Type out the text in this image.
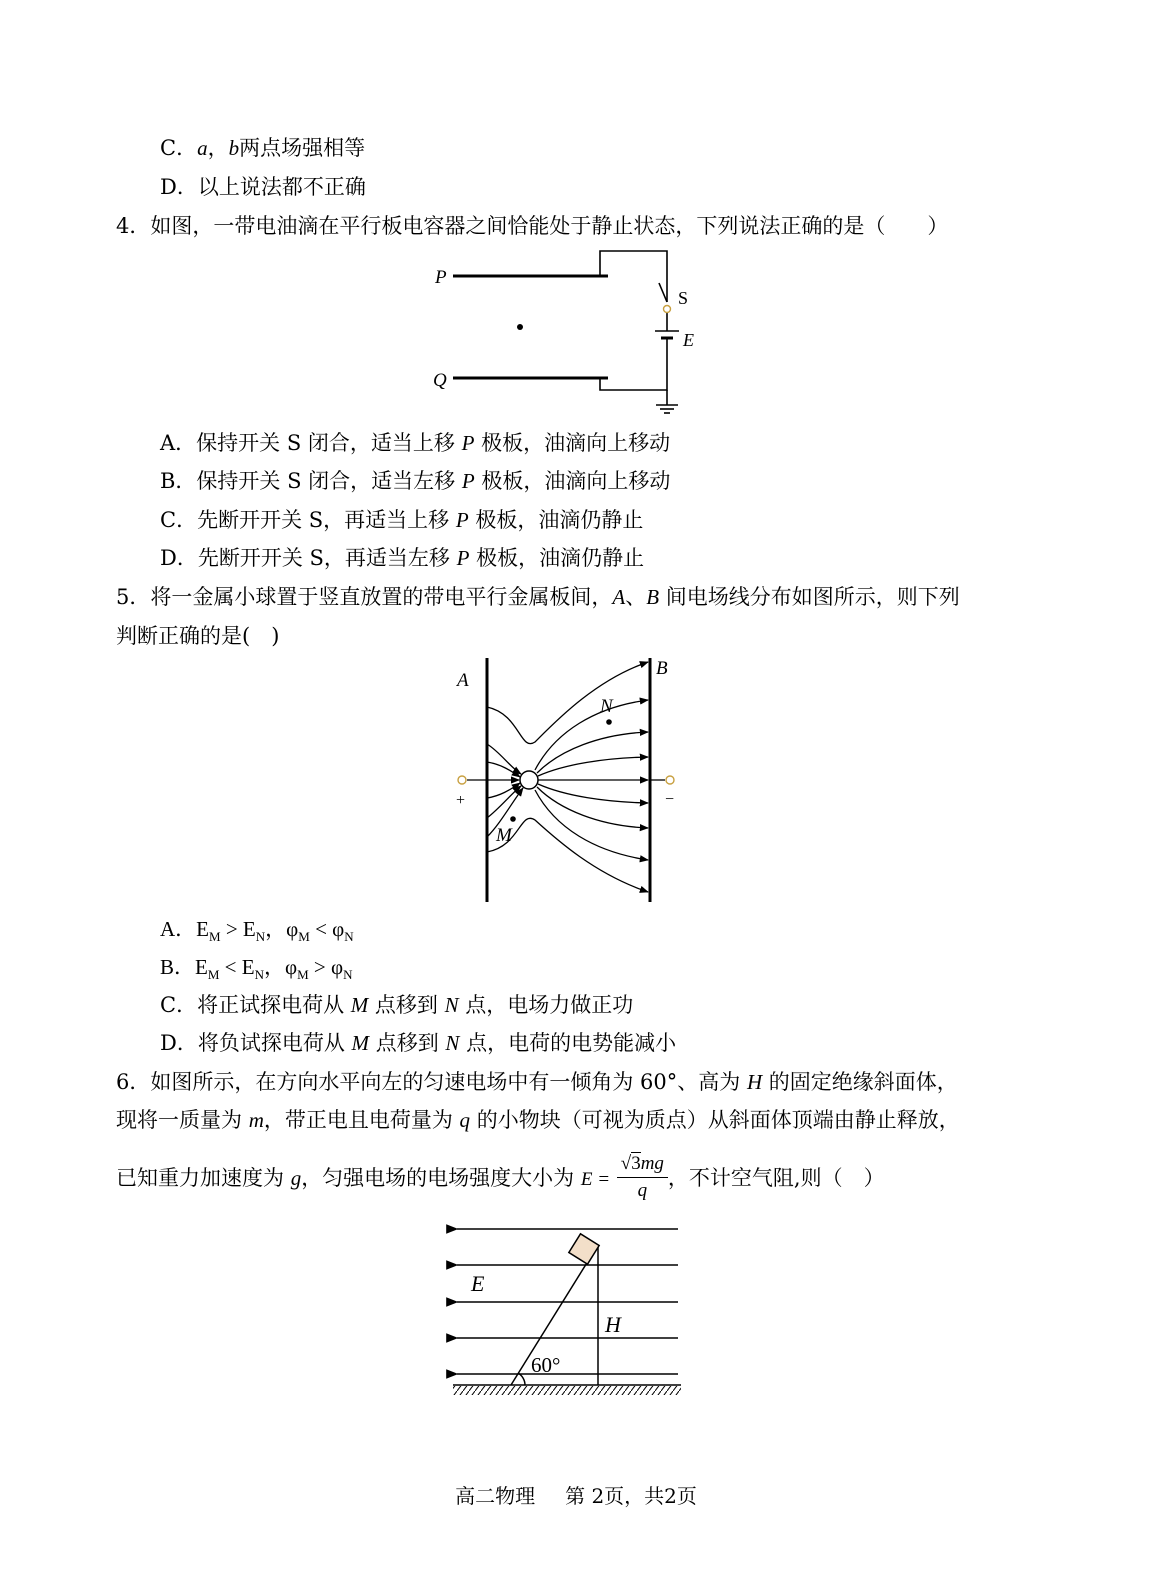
C．a，b两点场强相等
D．以上说法都不正确
4．如图，一带电油滴在平行板电容器之间恰能处于静止状态，下列说法正确的是（　　）
P
Q
S
E
A．保持开关 S 闭合，适当上移 P 极板，油滴向上移动
B．保持开关 S 闭合，适当左移 P 极板，油滴向上移动
C．先断开开关 S，再适当上移 P 极板，油滴仍静止
D．先断开开关 S，再适当左移 P 极板，油滴仍静止
5．将一金属小球置于竖直放置的带电平行金属板间，A、B 间电场线分布如图所示，则下列
判断正确的是(　)
A
B
N
M
+	−
A．$E_M > E_N$，$\varphi_M < \varphi_N$
B．$E_M < E_N$，$\varphi_M > \varphi_N$
C．将正试探电荷从 M 点移到 N 点，电场力做正功
D．将负试探电荷从 M 点移到 N 点，电荷的电势能减小
6．如图所示，在方向水平向左的匀速电场中有一倾角为 60°、高为 H 的固定绝缘斜面体，
现将一质量为 m，带正电且电荷量为 q 的小物块（可视为质点）从斜面体顶端由静止释放，
已知重力加速度为 g，匀强电场的电场强度大小为 $E = \frac{√3mg}{q}$ ，不计空气阻,则（　）
E
H
60°
高二物理 第 2页，共2页
